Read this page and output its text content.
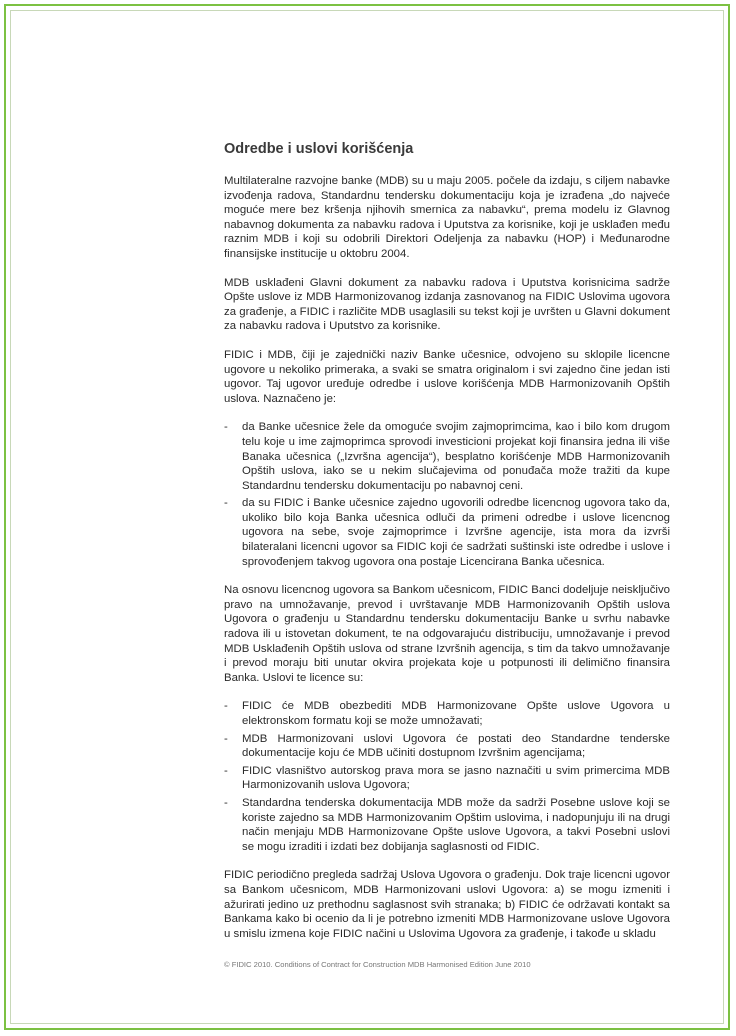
Odredbe i uslovi korišćenja

Multilateralne razvojne banke (MDB) su u maju 2005. počele da izdaju, s ciljem nabavke izvođenja radova, Standardnu tendersku dokumentaciju koja je izrađena „do najveće moguće mere bez kršenja njihovih smernica za nabavku“, prema modelu iz Glavnog nabavnog dokumenta za nabavku radova i Uputstva za korisnike, koji je usklađen među raznim MDB i koji su odobrili Direktori Odeljenja za nabavku (HOP) i Međunarodne finansijske institucije u oktobru 2004.

MDB usklađeni Glavni dokument za nabavku radova i Uputstva korisnicima sadrže Opšte uslove iz MDB Harmonizovanog izdanja zasnovanog na FIDIC Uslovima ugovora za građenje, a FIDIC i različite MDB usaglasili su tekst koji je uvršten u Glavni dokument za nabavku radova i Uputstvo za korisnike.

FIDIC i MDB, čiji je zajednički naziv Banke učesnice, odvojeno su sklopile licencne ugovore u nekoliko primeraka, a svaki se smatra originalom i svi zajedno čine jedan isti ugovor. Taj ugovor uređuje odredbe i uslove korišćenja MDB Harmonizovanih Opštih uslova. Naznačeno je:

- da Banke učesnice žele da omoguće svojim zajmoprimcima, kao i bilo kom drugom telu koje u ime zajmoprimca sprovodi investicioni projekat koji finansira jedna ili više Banaka učesnica („Izvršna agencija“), besplatno korišćenje MDB Harmonizovanih Opštih uslova, iako se u nekim slučajevima od ponuđača može tražiti da kupe Standardnu tendersku dokumentaciju po nabavnoj ceni.
- da su FIDIC i Banke učesnice zajedno ugovorili odredbe licencnog ugovora tako da, ukoliko bilo koja Banka učesnica odluči da primeni odredbe i uslove licencnog ugovora na sebe, svoje zajmoprimce i Izvršne agencije, ista mora da izvrši bilateralani licencni ugovor sa FIDIC koji će sadržati suštinski iste odredbe i uslove i sprovođenjem takvog ugovora ona postaje Licencirana Banka učesnica.

Na osnovu licencnog ugovora sa Bankom učesnicom, FIDIC Banci dodeljuje neisključivo pravo na umnožavanje, prevod i uvrštavanje MDB Harmonizovanih Opštih uslova Ugovora o građenju u Standardnu tendersku dokumentaciju Banke u svrhu nabavke radova ili u istovetan dokument, te na odgovarajuću distribuciju, umnožavanje i prevod MDB Usklađenih Opštih uslova od strane Izvršnih agencija, s tim da takvo umnožavanje i prevod moraju biti unutar okvira projekata koje u potpunosti ili delimično finansira Banka. Uslovi te licence su:

- FIDIC će MDB obezbediti MDB Harmonizovane Opšte uslove Ugovora u elektronskom formatu koji se može umnožavati;
- MDB Harmonizovani uslovi Ugovora će postati deo Standardne tenderske dokumentacije koju će MDB učiniti dostupnom Izvršnim agencijama;
- FIDIC vlasništvo autorskog prava mora se jasno naznačiti u svim primercima MDB Harmonizovanih uslova Ugovora;
- Standardna tenderska dokumentacija MDB može da sadrži Posebne uslove koji se koriste zajedno sa MDB Harmonizovanim Opštim uslovima, i nadopunjuju ili na drugi način menjaju MDB Harmonizovane Opšte uslove Ugovora, a takvi Posebni uslovi se mogu izraditi i izdati bez dobijanja saglasnosti od FIDIC.

FIDIC periodično pregleda sadržaj Uslova Ugovora o građenju. Dok traje licencni ugovor sa Bankom učesnicom, MDB Harmonizovani uslovi Ugovora: a) se mogu izmeniti i ažurirati jedino uz prethodnu saglasnost svih stranaka; b) FIDIC će održavati kontakt sa Bankama kako bi ocenio da li je potrebno izmeniti MDB Harmonizovane uslove Ugovora u smislu izmena koje FIDIC načini u Uslovima Ugovora za građenje, i takođe u skladu

© FIDIC 2010. Conditions of Contract for Construction MDB Harmonised Edition June 2010
